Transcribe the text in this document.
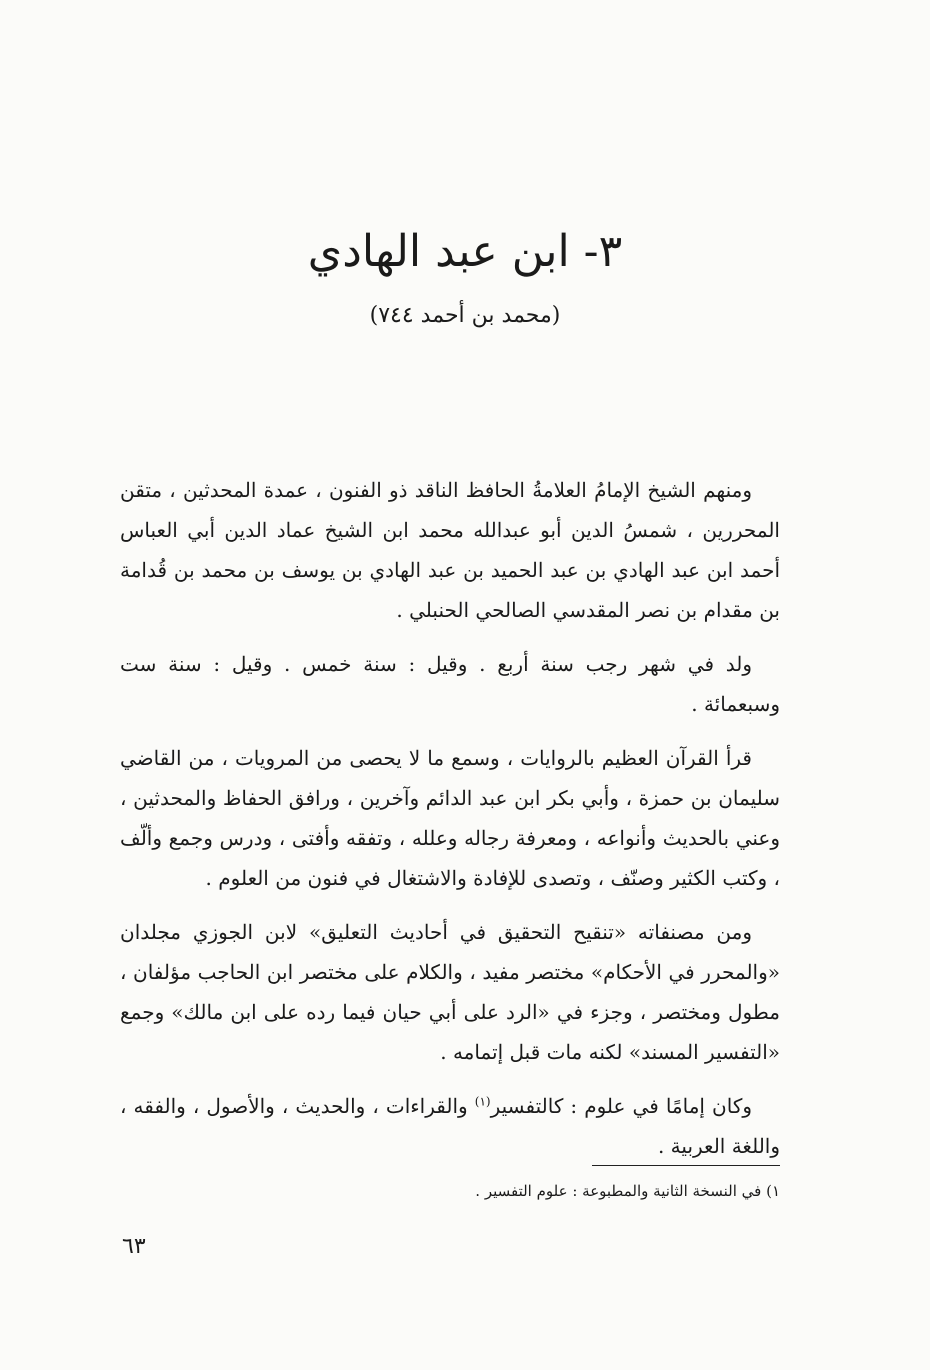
٣- ابن عبد الهادي
(محمد بن أحمد ٧٤٤)

ومنهم الشيخ الإمامُ العلامةُ الحافظ الناقد ذو الفنون ، عمدة المحدثين ، متقن المحررين ، شمسُ الدين أبو عبدالله محمد ابن الشيخ عماد الدين أبي العباس أحمد ابن عبد الهادي بن عبد الحميد بن عبد الهادي بن يوسف بن محمد بن قُدامة بن مقدام بن نصر المقدسي الصالحي الحنبلي .

ولد في شهر رجب سنة أربع . وقيل : سنة خمس . وقيل : سنة ست وسبعمائة .

قرأ القرآن العظيم بالروايات ، وسمع ما لا يحصى من المرويات ، من القاضي سليمان بن حمزة ، وأبي بكر ابن عبد الدائم وآخرين ، ورافق الحفاظ والمحدثين ، وعني بالحديث وأنواعه ، ومعرفة رجاله وعلله ، وتفقه وأفتى ، ودرس وجمع وألّف ، وكتب الكثير وصنّف ، وتصدى للإفادة والاشتغال في فنون من العلوم .

ومن مصنفاته «تنقيح التحقيق في أحاديث التعليق» لابن الجوزي مجلدان «والمحرر في الأحكام» مختصر مفيد ، والكلام على مختصر ابن الحاجب مؤلفان ، مطول ومختصر ، وجزء في «الرد على أبي حيان فيما رده على ابن مالك» وجمع «التفسير المسند» لكنه مات قبل إتمامه .

وكان إمامًا في علوم : كالتفسير$^{(١)}$ والقراءات ، والحديث ، والأصول ، والفقه ، واللغة العربية .

١) في النسخة الثانية والمطبوعة : علوم التفسير .
٦٣
